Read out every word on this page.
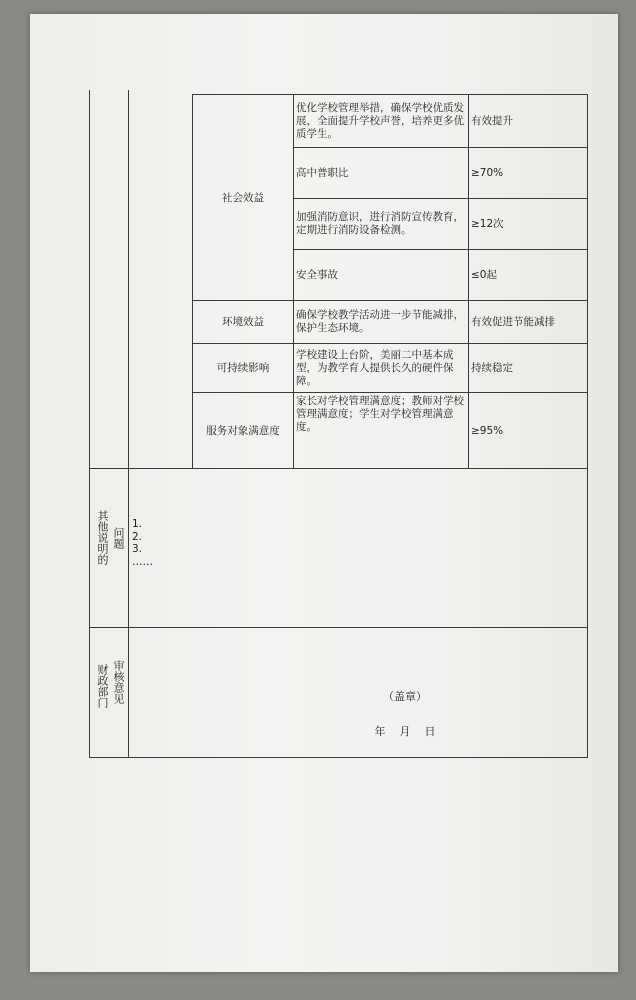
社会效益
环境效益
可持续影响
服务对象满意度
优化学校管理举措，确保学校优质发展，全面提升学校声誉，培养更多优质学生。
高中普职比
加强消防意识，进行消防宣传教育，定期进行消防设备检测。
安全事故
确保学校教学活动进一步节能减排，保护生态环境。
学校建设上台阶，美丽二中基本成型，为教学育人提供长久的硬件保障。
家长对学校管理满意度；教师对学校管理满意度；学生对学校管理满意度。
有效提升
≥70%
≥12次
≤0起
有效促进节能减排
持续稳定
≥95%
其他说明的 问题
1.
2.
3.
……
财政部门 审核意见	（盖章）
年    月    日
